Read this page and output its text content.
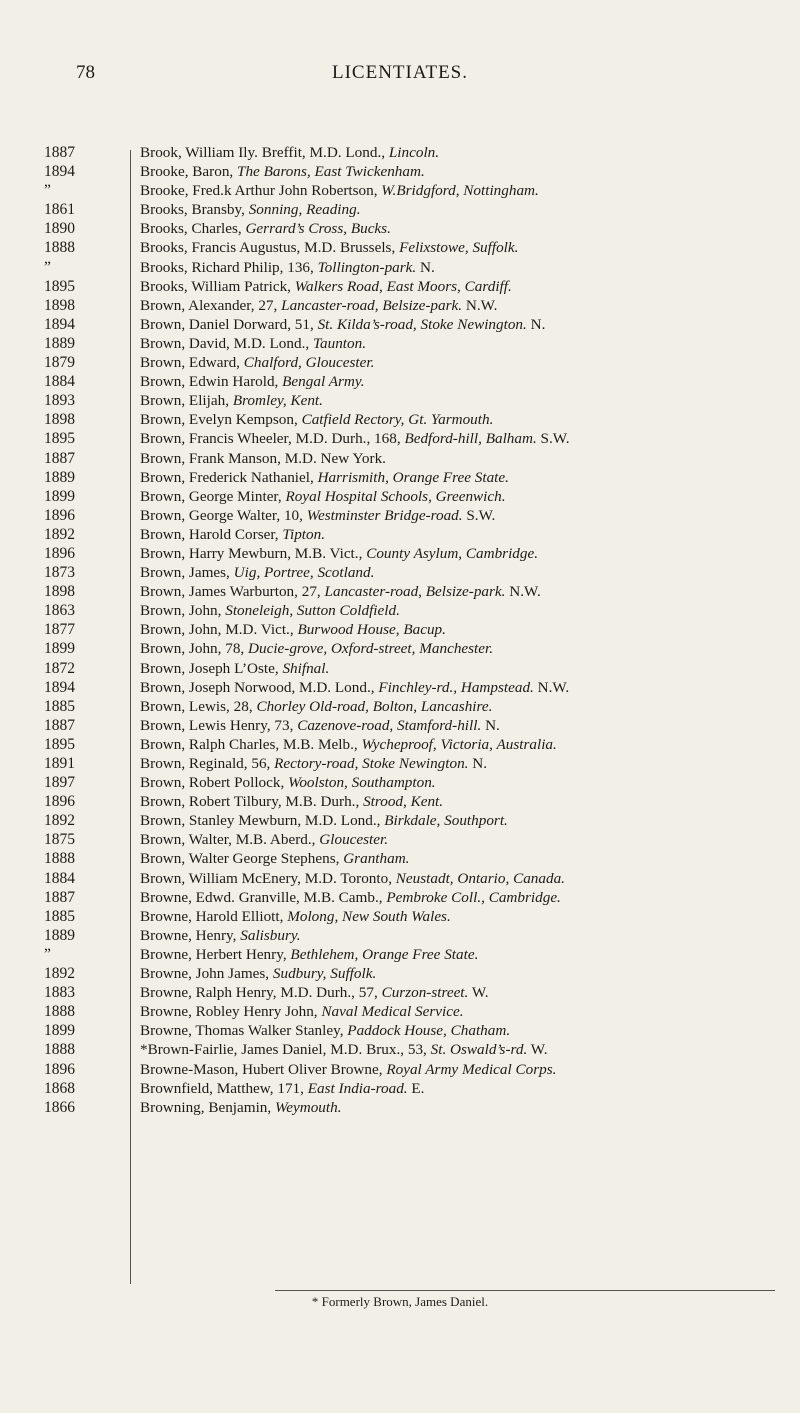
78	LICENTIATES.
1887
1894
”
1861
1890
1888
”
1895
1898
1894
1889
1879
1884
1893
1898
1895
1887
1889
1899
1896
1892
1896
1873
1898
1863
1877
1899
1872
1894
1885
1887
1895
1891
1897
1896
1892
1875
1888
1884
1887
1885
1889
”
1892
1883
1888
1899
1888
1896
1868
1866
Brook, William Ily. Breffit, M.D. Lond., Lincoln.
Brooke, Baron, The Barons, East Twickenham.
Brooke, Fred.k Arthur John Robertson, W.Bridgford, Nottingham.
Brooks, Bransby, Sonning, Reading.
Brooks, Charles, Gerrard’s Cross, Bucks.
Brooks, Francis Augustus, M.D. Brussels, Felixstowe, Suffolk.
Brooks, Richard Philip, 136, Tollington-park. N.
Brooks, William Patrick, Walkers Road, East Moors, Cardiff.
Brown, Alexander, 27, Lancaster-road, Belsize-park. N.W.
Brown, Daniel Dorward, 51, St. Kilda’s-road, Stoke Newington. N.
Brown, David, M.D. Lond., Taunton.
Brown, Edward, Chalford, Gloucester.
Brown, Edwin Harold, Bengal Army.
Brown, Elijah, Bromley, Kent.
Brown, Evelyn Kempson, Catfield Rectory, Gt. Yarmouth.
Brown, Francis Wheeler, M.D. Durh., 168, Bedford-hill, Balham. S.W.
Brown, Frank Manson, M.D. New York.
Brown, Frederick Nathaniel, Harrismith, Orange Free State.
Brown, George Minter, Royal Hospital Schools, Greenwich.
Brown, George Walter, 10, Westminster Bridge-road. S.W.
Brown, Harold Corser, Tipton.
Brown, Harry Mewburn, M.B. Vict., County Asylum, Cambridge.
Brown, James, Uig, Portree, Scotland.
Brown, James Warburton, 27, Lancaster-road, Belsize-park. N.W.
Brown, John, Stoneleigh, Sutton Coldfield.
Brown, John, M.D. Vict., Burwood House, Bacup.
Brown, John, 78, Ducie-grove, Oxford-street, Manchester.
Brown, Joseph L’Oste, Shifnal.
Brown, Joseph Norwood, M.D. Lond., Finchley-rd., Hampstead. N.W.
Brown, Lewis, 28, Chorley Old-road, Bolton, Lancashire.
Brown, Lewis Henry, 73, Cazenove-road, Stamford-hill. N.
Brown, Ralph Charles, M.B. Melb., Wycheproof, Victoria, Australia.
Brown, Reginald, 56, Rectory-road, Stoke Newington. N.
Brown, Robert Pollock, Woolston, Southampton.
Brown, Robert Tilbury, M.B. Durh., Strood, Kent.
Brown, Stanley Mewburn, M.D. Lond., Birkdale, Southport.
Brown, Walter, M.B. Aberd., Gloucester.
Brown, Walter George Stephens, Grantham.
Brown, William McEnery, M.D. Toronto, Neustadt, Ontario, Canada.
Browne, Edwd. Granville, M.B. Camb., Pembroke Coll., Cambridge.
Browne, Harold Elliott, Molong, New South Wales.
Browne, Henry, Salisbury.
Browne, Herbert Henry, Bethlehem, Orange Free State.
Browne, John James, Sudbury, Suffolk.
Browne, Ralph Henry, M.D. Durh., 57, Curzon-street. W.
Browne, Robley Henry John, Naval Medical Service.
Browne, Thomas Walker Stanley, Paddock House, Chatham.
*Brown-Fairlie, James Daniel, M.D. Brux., 53, St. Oswald’s-rd. W.
Browne-Mason, Hubert Oliver Browne, Royal Army Medical Corps.
Brownfield, Matthew, 171, East India-road. E.
Browning, Benjamin, Weymouth.
* Formerly Brown, James Daniel.
